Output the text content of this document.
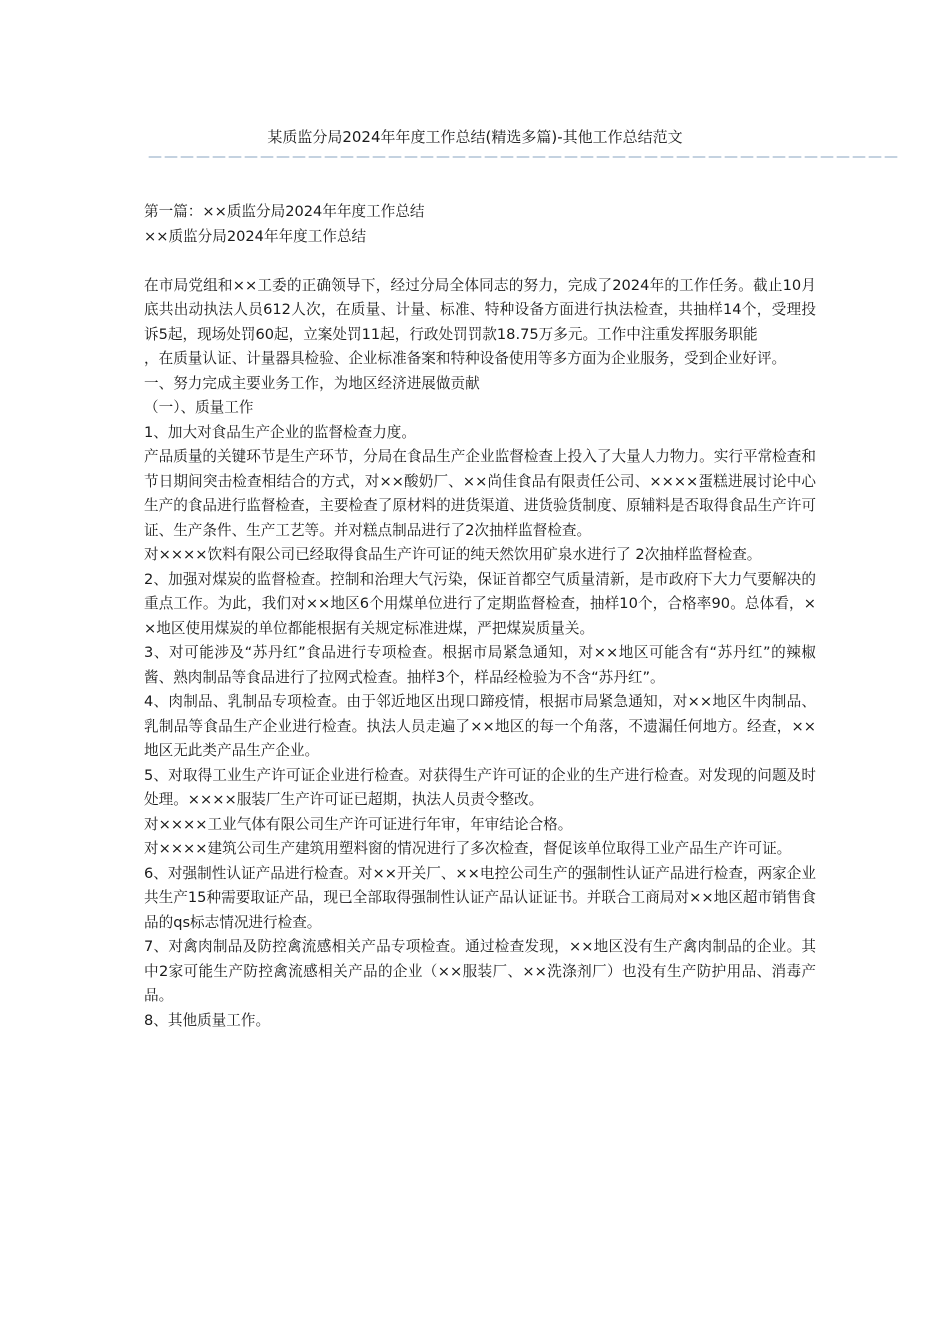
某质监分局2024年年度工作总结(精选多篇)-其他工作总结范文
———————————————————————————————————————————————

第一篇：××质监分局2024年年度工作总结

××质监分局2024年年度工作总结

在市局党组和××工委的正确领导下，经过分局全体同志的努力，完成了2024年的工作任务。截止10月底共出动执法人员612人次，在质量、计量、标准、特种设备方面进行执法检查，共抽样14个，受理投诉5起，现场处罚60起，立案处罚11起，行政处罚罚款18.75万多元。工作中注重发挥服务职能

，在质量认证、计量器具检验、企业标准备案和特种设备使用等多方面为企业服务，受到企业好评。

一、努力完成主要业务工作，为地区经济进展做贡献

（一）、质量工作

1、加大对食品生产企业的监督检查力度。

产品质量的关键环节是生产环节，分局在食品生产企业监督检查上投入了大量人力物力。实行平常检查和节日期间突击检查相结合的方式，对××酸奶厂、××尚佳食品有限责任公司、××××蛋糕进展讨论中心生产的食品进行监督检查，主要检查了原材料的进货渠道、进货验货制度、原辅料是否取得食品生产许可证、生产条件、生产工艺等。并对糕点制品进行了2次抽样监督检查。

对××××饮料有限公司已经取得食品生产许可证的纯天然饮用矿泉水进行了 2次抽样监督检查。

2、加强对煤炭的监督检查。控制和治理大气污染，保证首都空气质量清新，是市政府下大力气要解决的重点工作。为此，我们对××地区6个用煤单位进行了定期监督检查，抽样10个，合格率90。总体看，××地区使用煤炭的单位都能根据有关规定标准进煤，严把煤炭质量关。

3、对可能涉及“苏丹红”食品进行专项检查。根据市局紧急通知，对××地区可能含有“苏丹红”的辣椒酱、熟肉制品等食品进行了拉网式检查。抽样3个，样品经检验为不含“苏丹红”。

4、肉制品、乳制品专项检查。由于邻近地区出现口蹄疫情，根据市局紧急通知，对××地区牛肉制品、乳制品等食品生产企业进行检查。执法人员走遍了××地区的每一个角落，不遗漏任何地方。经查，××地区无此类产品生产企业。

5、对取得工业生产许可证企业进行检查。对获得生产许可证的企业的生产进行检查。对发现的问题及时处理。××××服装厂生产许可证已超期，执法人员责令整改。

对××××工业气体有限公司生产许可证进行年审，年审结论合格。

对××××建筑公司生产建筑用塑料窗的情况进行了多次检查，督促该单位取得工业产品生产许可证。

6、对强制性认证产品进行检查。对××开关厂、××电控公司生产的强制性认证产品进行检查，两家企业共生产15种需要取证产品，现已全部取得强制性认证产品认证证书。并联合工商局对××地区超市销售食品的qs标志情况进行检查。

7、对禽肉制品及防控禽流感相关产品专项检查。通过检查发现，××地区没有生产禽肉制品的企业。其中2家可能生产防控禽流感相关产品的企业（××服装厂、××洗涤剂厂）也没有生产防护用品、消毒产品。

8、其他质量工作。
